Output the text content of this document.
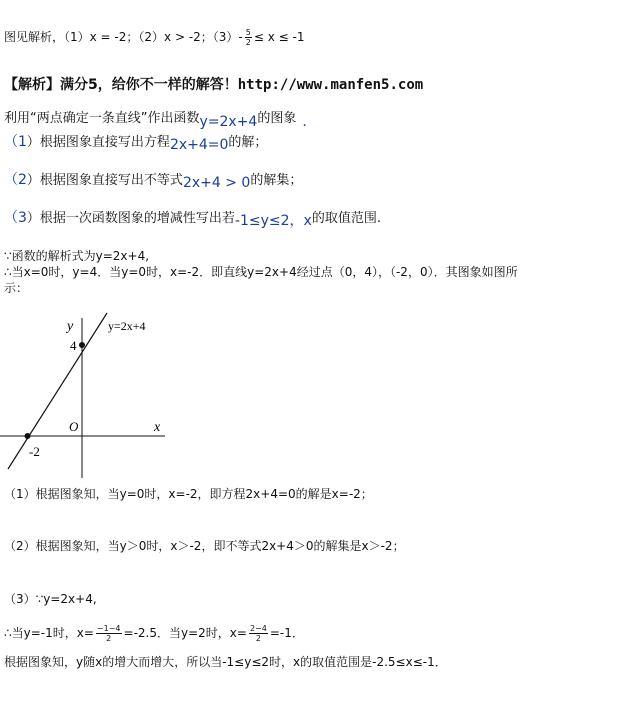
图见解析，（1）x = -2；（2）x > -2；$(3)- \frac{5}{2} \le x \le -1$
【解析】满分5，给你不一样的解答！http://www.manfen5.com
利用“两点确定一条直线”作出函数y=2x+4的图象 .
（1）根据图象直接写出方程2x+4=0的解；
（2）根据图象直接写出不等式2x+4 > 0的解集；
（3）根据一次函数图象的增减性写出若-1≤y≤2，x的取值范围.
∵函数的解析式为y=2x+4,
∴当x=0时，y=4．当y=0时，x=-2．即直线y=2x+4经过点（0，4），（-2，0）．其图象如图所
示：
y
x
O
4
-2
y=2x+4
（1）根据图象知，当y=0时，x=-2，即方程2x+4=0的解是x=-2；
（2）根据图象知，当y＞0时，x＞-2，即不等式2x+4＞0的解集是x＞-2；
（3）∵y=2x+4,
∴当y=-1时，$x= \frac{-1-4}{2} =-2.5$．当y=2时，$x= \frac{2-4}{2} =-1$．
根据图象知，y随x的增大而增大，所以当-1≤y≤2时，x的取值范围是-2.5≤x≤-1．
